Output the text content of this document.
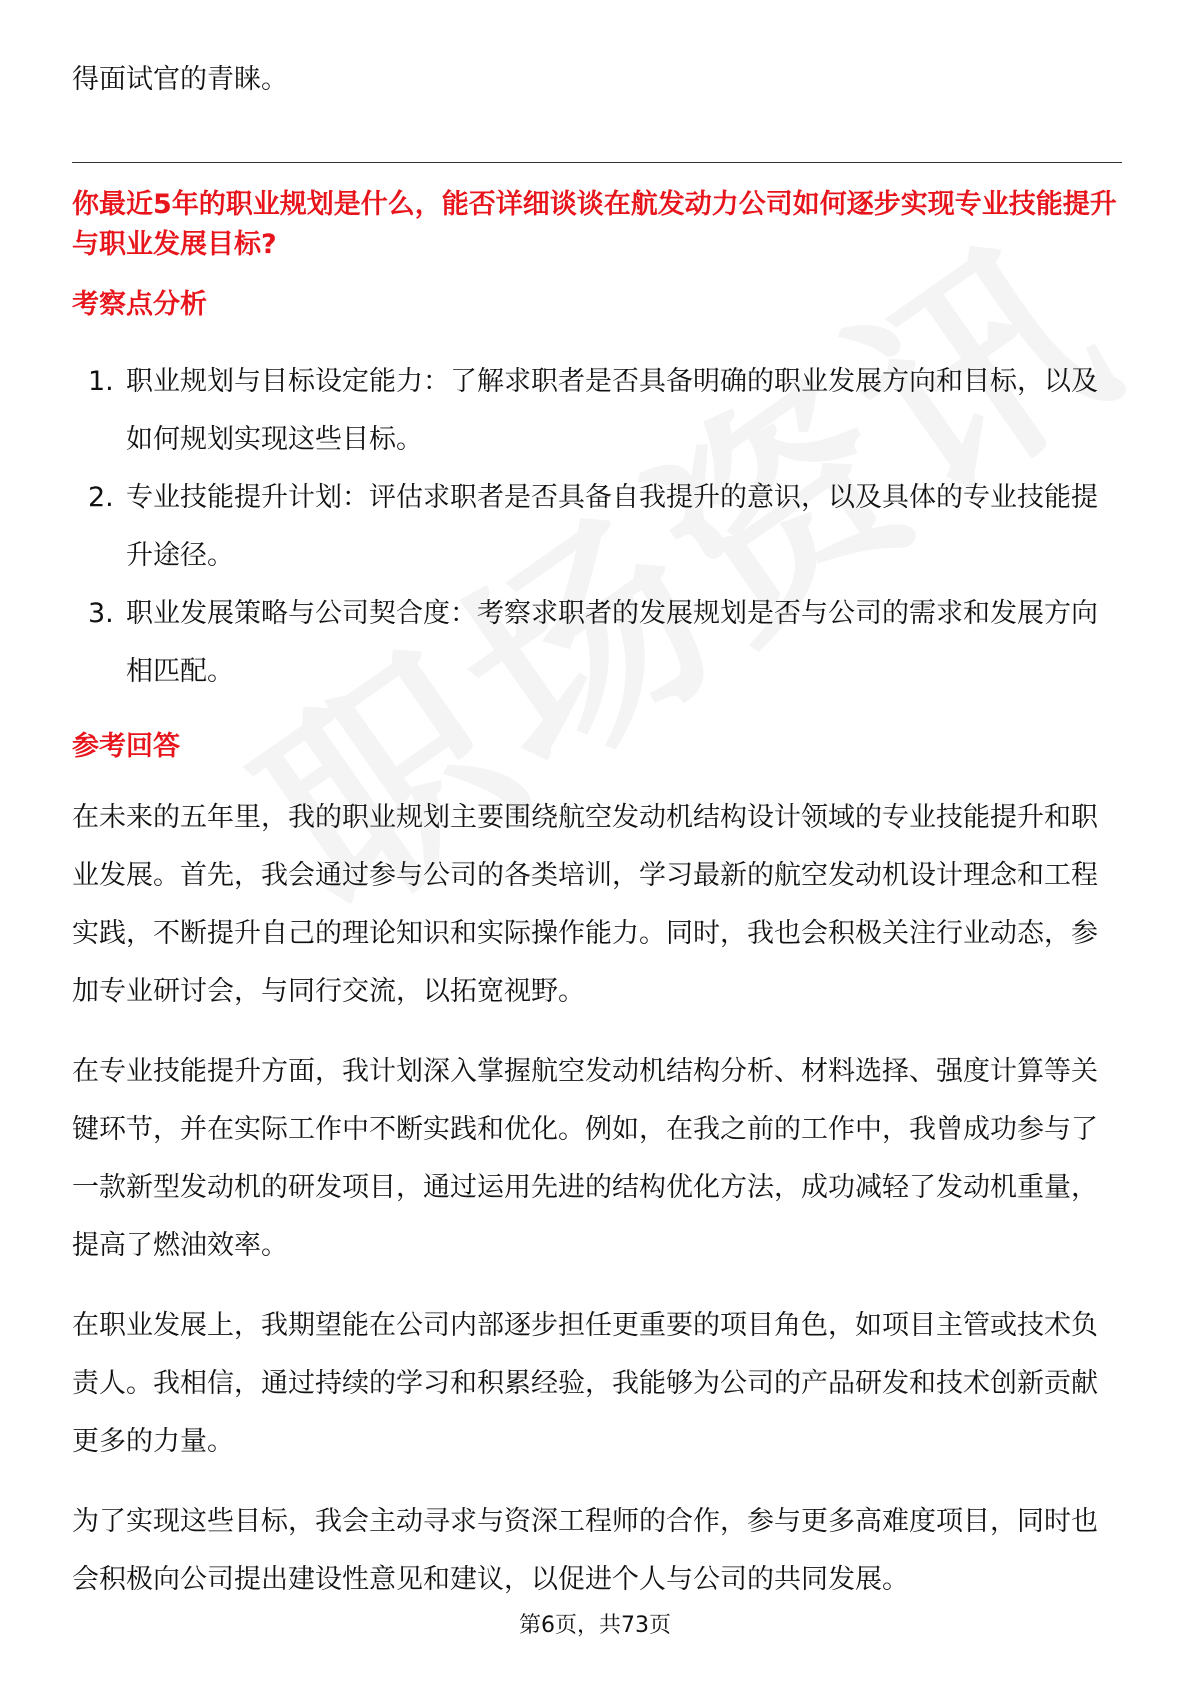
得面试官的青睐。

你最近5年的职业规划是什么，能否详细谈谈在航发动力公司如何逐步实现专业技能提升与职业发展目标?

考察点分析

1. 职业规划与目标设定能力：了解求职者是否具备明确的职业发展方向和目标，以及如何规划实现这些目标。
2. 专业技能提升计划：评估求职者是否具备自我提升的意识，以及具体的专业技能提升途径。
3. 职业发展策略与公司契合度：考察求职者的发展规划是否与公司的需求和发展方向相匹配。

参考回答

在未来的五年里，我的职业规划主要围绕航空发动机结构设计领域的专业技能提升和职业发展。首先，我会通过参与公司的各类培训，学习最新的航空发动机设计理念和工程实践，不断提升自己的理论知识和实际操作能力。同时，我也会积极关注行业动态，参加专业研讨会，与同行交流，以拓宽视野。

在专业技能提升方面，我计划深入掌握航空发动机结构分析、材料选择、强度计算等关键环节，并在实际工作中不断实践和优化。例如，在我之前的工作中，我曾成功参与了一款新型发动机的研发项目，通过运用先进的结构优化方法，成功减轻了发动机重量，提高了燃油效率。

在职业发展上，我期望能在公司内部逐步担任更重要的项目角色，如项目主管或技术负责人。我相信，通过持续的学习和积累经验，我能够为公司的产品研发和技术创新贡献更多的力量。

为了实现这些目标，我会主动寻求与资深工程师的合作，参与更多高难度项目，同时也会积极向公司提出建设性意见和建议，以促进个人与公司的共同发展。

第6页，共73页
